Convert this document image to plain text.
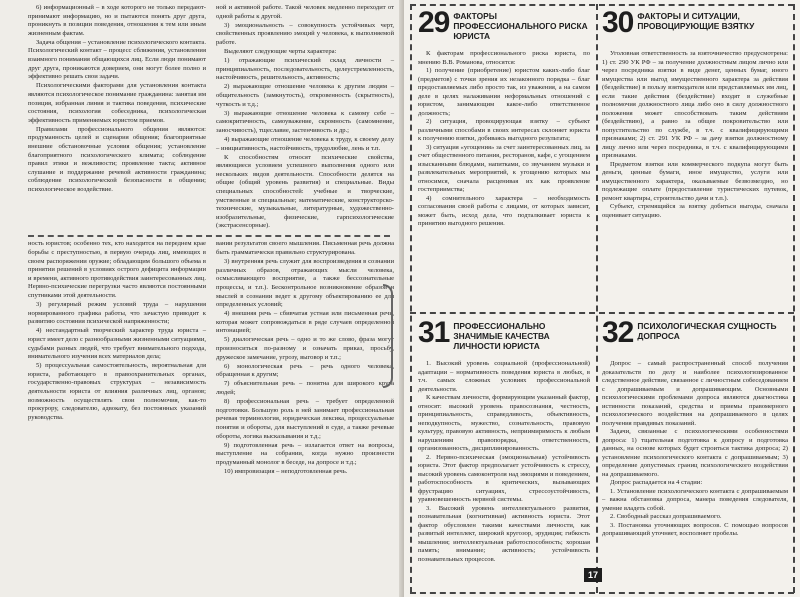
6) информационный – в ходе которого не только передают-принимают информацию, но и пытаются понять друг друга, проникнуть в позиции поведения, отношения к тем или иным жизненным фактам.

Задача общения – установление психологического контакта. Психологический контакт – процесс сближения, установления взаимного понимания общающихся лиц. Если люди понимают друг друга, проникаются доверием, они могут более полно и эффективно решать свои задачи.

Психологическими факторами для установления контакта являются психологическое понимание гражданина: занятая им позиция, избранная линия и тактика поведения, психические состояния, психология собеседника, психологическая эффективность применяемых юристом приемов.

Правилами профессионального общения являются: продуманность целей и сценария общения; благоприятные внешние обстановочные условия общения; установление благоприятного психологического климата; соблюдение правил этики и вежливости; проявление такта; активное слушание и поддержание речевой активности гражданина; соблюдение психологической безопасности в общении; психологическое воздействие.

ной и активной работе. Такой человек медленно переходит от одной работы к другой.

3) эмоциональность – совокупность устойчивых черт, свойственных проявлению эмоций у человека, к выполняемой работе.

Выделяют следующие черты характера:

1) отражающие психический склад личности – принципиальность, последовательность, целеустремленность, настойчивость, решительность, активность;

2) выражающие отношение человека к другим людям – общительность (замкнутость), откровенность (скрытность), чуткость и т.д.;

3) выражающие отношение человека к самому себе – самокритичность, самоуважение, скромность (самомнение, заносчивость), тщеславие, застенчивость и др.;

4) выражающие отношение человека к труду, к своему делу – инициативность, настойчивость, трудолюбие, лень и т.п.

К способностям относят психические свойства, являющиеся условием успешного выполнения одного или нескольких видов деятельности. Способности делятся на общие (общий уровень развития) и специальные. Виды специальных способностей: учебные и творческие, умственные и специальные; математические, конструкторско-технические, музыкальные, литературные, художественно-изобразительные, физические, гарпсихологические (экстрасенсорные).

ность юристов; особенно тех, кто находится на переднем крае борьбы с преступностью, в первую очередь лиц, имеющих в своем распоряжении оружие; обладающим большого объема в принятии решений в условиях острого дефицита информации и времени, активного противодействия заинтересованных лиц. Нервно-психические перегрузки часто являются постоянными спутниками этой деятельности.

3) регулярный режим условий труда – нарушения нормированного графика работы, что зачастую приводит к развитию состояния психической напряженности;

4) нестандартный творческий характер труда юриста – юрист имеет дело с разнообразными жизненными ситуациями, судьбами разных людей, что требует внимательного подхода, внимательного изучения всех материалов дела;

5) процессуальная самостоятельность, вероятнальная для юриста, работающего в правоохранительных органах, государственно-правовых структурах – независимость деятельности юриста от влияния различных лиц, органов; возможность осуществлять свои полномочия, как-то прокурору, следователю, адвокату, без постоянных указаний руководства.

вании результатов своего мышления. Письменная речь должна быть грамматически правильно структурирована.

3) внутренняя речь служит для воспроизведения в сознании различных образов, отражающих мысли человека, осмысливающего восприятие, а также бессознательные процессы, и т.п.). Бесконтрольное возникновение образов и мыслей в сознании ведет к другому объектированию ее для определенных условий;

4) внешняя речь – сбивчатая устная или письменная речь, которая может сопровождаться в ряде случаев определенной интонацией;

5) диалогическая речь – одно и то же слово, фраза могут произноситься по-разному и означать приказ, просьбу, дружеское замечание, угрозу, выговор и т.п.;

6) монологическая речь – речь одного человека, обращенная к другим;

7) объяснительная речь – понятна для широкого круга людей;

8) профессиональная речь – требует определенной подготовки. Большую роль в ней занимает профессиональная речевая терминология, юридическая лексика, процессуальные понятия и обороты, для выступлений в суде, а также речевые обороты, логика высказывания и т.д.;

9) подготовленная речь – излагается ответ на вопросы, выступление на собрании, когда нужно произнести продуманный монолог в беседе, на допросе и т.д.;

10) импровизация – неподготовленная речь.

29 ФАКТОРЫ ПРОФЕССИОНАЛЬНОГО РИСКА ЮРИСТА

К факторам профессионального риска юриста, по мнению В.В. Романова, относятся:

1) получение (приобретение) юристом каких-либо благ (предметов) с точки зрения их незаконного порядка – благ предоставляемых либо просто так, из уважения, а на самом деле в целях налаживания неформальных отношений с юристом, занимающим какое-либо ответственное должность;

2) ситуация, провоцирующая взятку – субъект различными способами в своих интересах склоняет юриста к получению взятки, добиваясь выгодного результата;

3) ситуация «угощения» за счет заинтересованных лиц, за счет общественного питания, ресторанов, кафе, с угощением изысканными блюдами, напитками, со звучанием музыки и развлекательных мероприятий, к угощению которых мы относимся, сначала расценивая их как проявление гостеприимства;

4) сомнительного характера – необходимость согласования своей работы с лицами, от которых зависит, может быть, исход дела, что подталкивает юриста к принятию выгодного решения.

30 ФАКТОРЫ И СИТУАЦИИ, ПРОВОЦИРУЮЩИЕ ВЗЯТКУ

Уголовная ответственность за взяточничество предусмотрена: 1) ст. 290 УК РФ – за получение должностным лицом лично или через посредника взятки в виде денег, ценных бумаг, иного имущества или выгод имущественного характера за действия (бездействие) в пользу взяткодателя или представляемых им лиц, если такие действия (бездействие) входят в служебные полномочия должностного лица либо оно в силу должностного положения может способствовать таким действиям (бездействию), а равно за общее покровительство или попустительство по службе, в т.ч. с квалифицирующими признаками; 2) ст. 291 УК РФ – за дачу взятки должностному лицу лично или через посредника, в т.ч. с квалифицирующими признаками.

Предметом взятки или коммерческого подкупа могут быть деньги, ценные бумаги, иное имущество, услуги или имущественного характера, оказываемые безвозмездно, но подлежащие оплате (предоставление туристических путевок, ремонт квартиры, строительство дачи и т.п.).

Субъект, стремящийся за взятку добиться выгоды, сначала оценивает ситуацию.

31 ПРОФЕССИОНАЛЬНО ЗНАЧИМЫЕ КАЧЕСТВА ЛИЧНОСТИ ЮРИСТА

1. Высокий уровень социальной (профессиональной) адаптации – нормативность поведения юриста в любых, в т.ч. самых сложных условиях профессиональной деятельности.

К качествам личности, формирующим указанный фактор, относят: высокий уровень правосознания, честность, принципиальность, справедливость, объективность, неподкупность, мужество, сознательность, правовую культуру, правовую активность, неприимиримость к любым нарушениям правопорядка, ответственность, организованность, дисциплинированность.

2. Нервно-психическая (эмоциональная) устойчивость юриста. Этот фактор предполагает устойчивость к стрессу, высокий уровень самоконтроля над эмоциями и поведением, работоспособность в критических, вызывающих фрустрацию ситуациях, стрессоустойчивость, уравновешенность нервной системы.

3. Высокий уровень интеллектуального развития, познавательная (когнитивная) активность юриста. Этот фактор обусловлен такими качествами личности, как развитый интеллект, широкий кругозор, эрудиция; гибкость мышления; интеллектуальная работоспособность; хорошая память; внимание; активность; устойчивость познавательных процессов.

32 ПСИХОЛОГИЧЕСКАЯ СУЩНОСТЬ ДОПРОСА

Допрос – самый распространенный способ получения доказательств по делу и наиболее психологизированное следственное действие, связанное с личностным собеседованием с допрашиваемым и допрашивающим. Основными психологическими проблемами допроса являются диагностика истинности показаний, средства и приемы правомерного психологического воздействия на допрашиваемого в целях получения правдивых показаний.

Задачи, связанные с психологическими особенностями допроса: 1) тщательная подготовка к допросу и подготовка данных, на основе которых будет строиться тактика допроса; 2) установление психологического контакта с допрашиваемым; 3) определение допустимых границ психологического воздействия на допрашиваемого.

Допрос распадается на 4 стадии:

1. Установление психологического контакта с допрашиваемым – важна обстановка допроса, манера поведения следователя, умение владеть собой.

2. Свободный рассказ допрашиваемого.

3. Постановка уточняющих вопросов. С помощью вопросов допрашивающий уточняет, восполняет пробелы.

17
